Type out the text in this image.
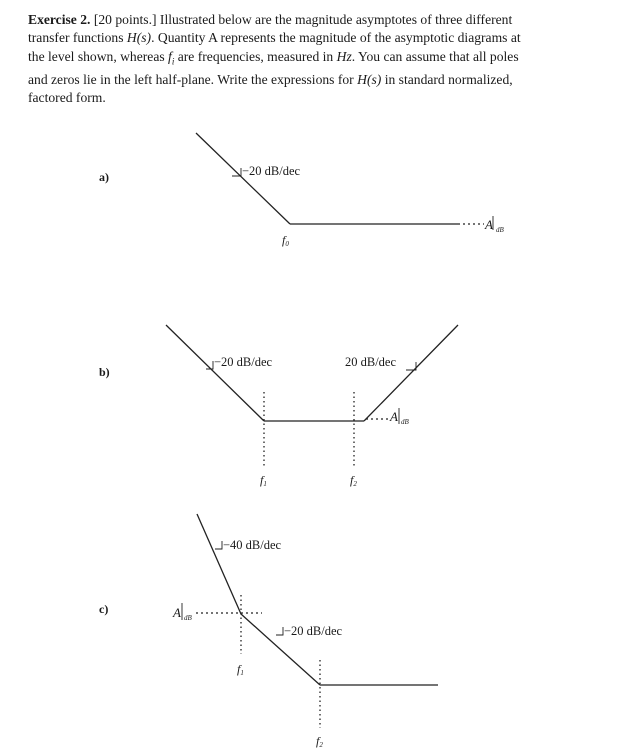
Exercise 2. [20 points.] Illustrated below are the magnitude asymptotes of three different
transfer functions H(s). Quantity A represents the magnitude of the asymptotic diagrams at
the level shown, whereas $f_i$ are frequencies, measured in Hz. You can assume that all poles
and zeros lie in the left half-plane. Write the expressions for H(s) in standard normalized,
factored form.
a)	−20 dB/dec
f0
A $_{dB}$
b)
−20 dB/dec	20 dB/dec
f1	f2
A $_{dB}$
c)
−40 dB/dec
−20 dB/dec
f1
f2
A $_{dB}$
